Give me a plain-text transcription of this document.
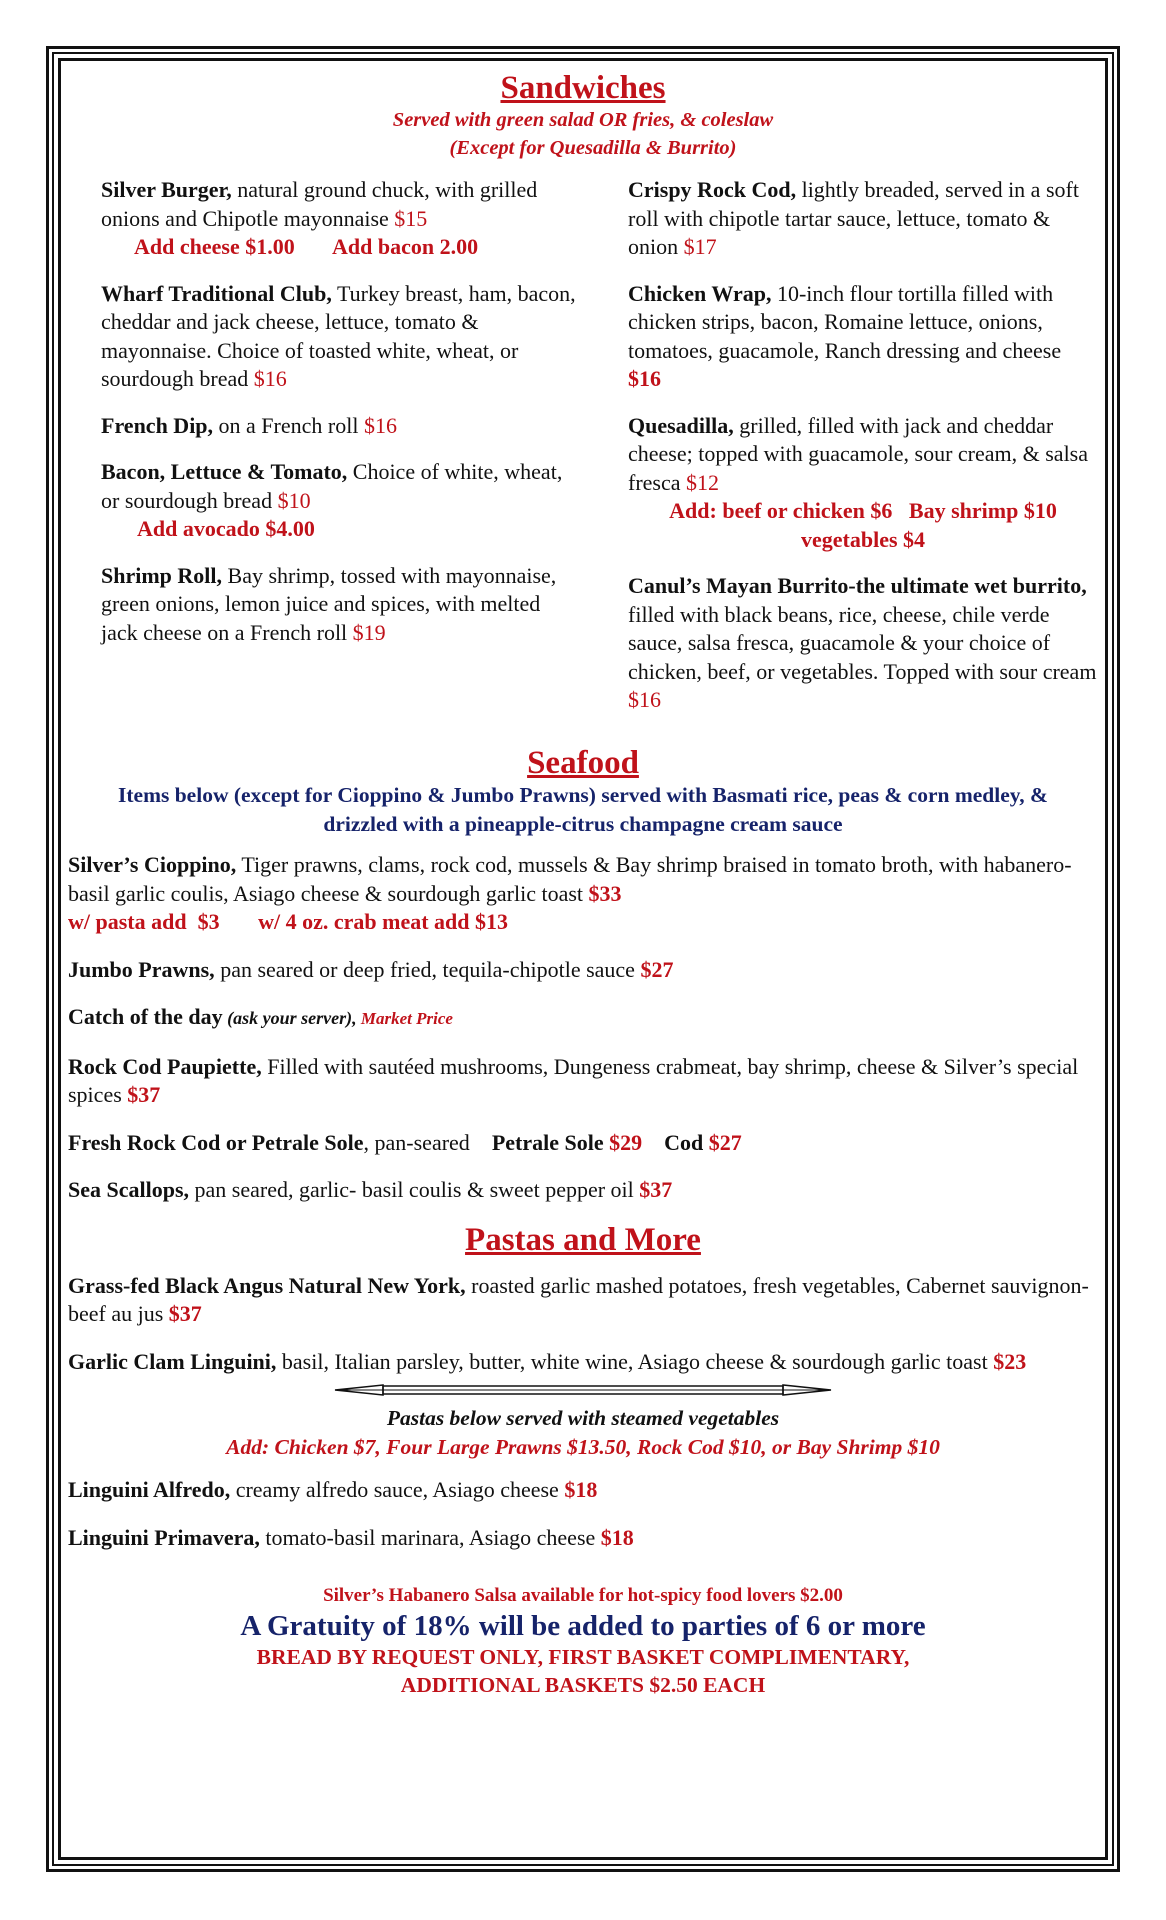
Sandwiches
Served with green salad OR fries, & coleslaw
(Except for Quesadilla & Burrito)

Silver Burger, natural ground chuck, with grilled onions and Chipotle mayonnaise $15

Add cheese $1.00       Add bacon 2.00

Wharf Traditional Club, Turkey breast, ham, bacon, cheddar and jack cheese, lettuce, tomato & mayonnaise. Choice of toasted white, wheat, or sourdough bread $16

French Dip, on a French roll $16

Bacon, Lettuce & Tomato, Choice of white, wheat, or sourdough bread $10

Add avocado $4.00

Shrimp Roll, Bay shrimp, tossed with mayonnaise, green onions, lemon juice and spices, with melted jack cheese on a French roll $19

Crispy Rock Cod, lightly breaded, served in a soft roll with chipotle tartar sauce, lettuce, tomato & onion $17

Chicken Wrap, 10-inch flour tortilla filled with chicken strips, bacon, Romaine lettuce, onions, tomatoes, guacamole, Ranch dressing and cheese $16

Quesadilla, grilled, filled with jack and cheddar cheese; topped with guacamole, sour cream, & salsa fresca $12

Add: beef or chicken $6   Bay shrimp $10

vegetables $4

Canul’s Mayan Burrito-the ultimate wet burrito, filled with black beans, rice, cheese, chile verde sauce, salsa fresca, guacamole & your choice of chicken, beef, or vegetables. Topped with sour cream $16

Seafood
Items below (except for Cioppino & Jumbo Prawns) served with Basmati rice, peas & corn medley, & drizzled with a pineapple-citrus champagne cream sauce

Silver’s Cioppino, Tiger prawns, clams, rock cod, mussels & Bay shrimp braised in tomato broth, with habanero-basil garlic coulis, Asiago cheese & sourdough garlic toast $33

w/ pasta add  $3       w/ 4 oz. crab meat add $13

Jumbo Prawns, pan seared or deep fried, tequila-chipotle sauce $27

Catch of the day (ask your server), Market Price

Rock Cod Paupiette, Filled with sautéed mushrooms, Dungeness crabmeat, bay shrimp, cheese & Silver’s special spices $37

Fresh Rock Cod or Petrale Sole, pan-seared    Petrale Sole $29 Cod $27

Sea Scallops, pan seared, garlic- basil coulis & sweet pepper oil $37

Pastas and More

Grass-fed Black Angus Natural New York, roasted garlic mashed potatoes, fresh vegetables, Cabernet sauvignon-beef au jus $37

Garlic Clam Linguini, basil, Italian parsley, butter, white wine, Asiago cheese & sourdough garlic toast $23

Pastas below served with steamed vegetables
Add: Chicken $7, Four Large Prawns $13.50, Rock Cod $10, or Bay Shrimp $10

Linguini Alfredo, creamy alfredo sauce, Asiago cheese $18

Linguini Primavera, tomato-basil marinara, Asiago cheese $18

Silver’s Habanero Salsa available for hot-spicy food lovers $2.00
A Gratuity of 18% will be added to parties of 6 or more
BREAD BY REQUEST ONLY, FIRST BASKET COMPLIMENTARY,
ADDITIONAL BASKETS $2.50 EACH
